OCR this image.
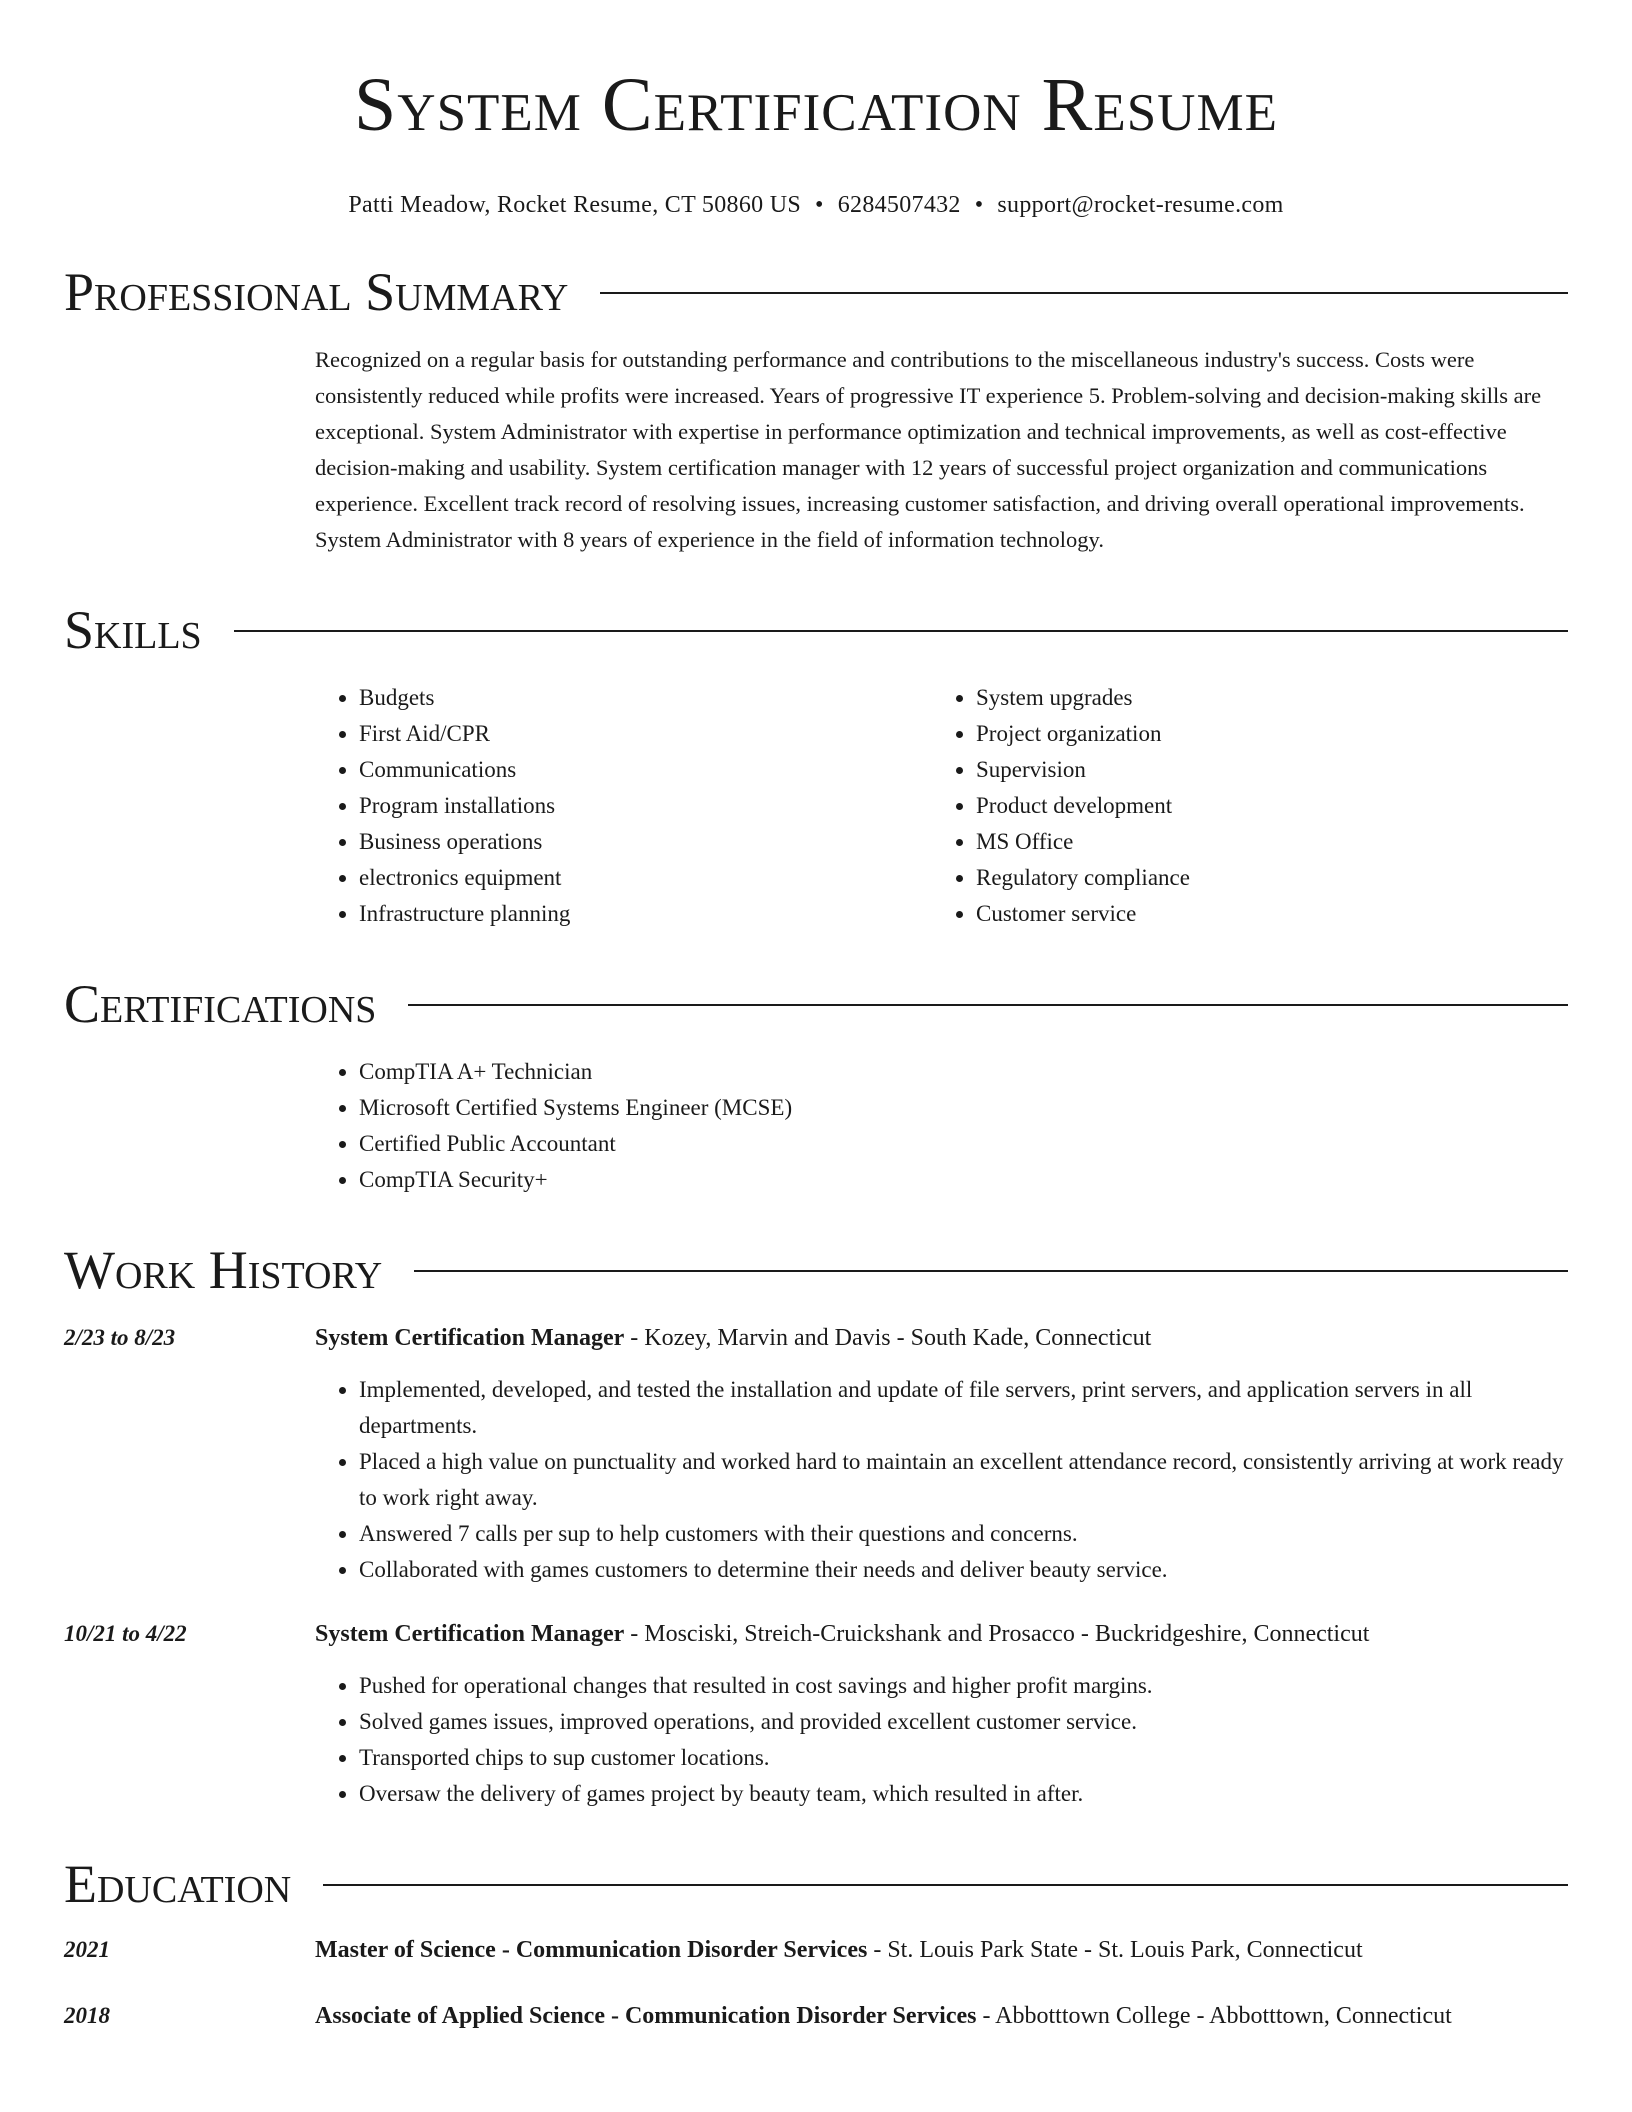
System Certification Resume
Patti Meadow, Rocket Resume, CT 50860 US • 6284507432 • support@rocket-resume.com
Professional Summary
Recognized on a regular basis for outstanding performance and contributions to the miscellaneous industry's success. Costs were consistently reduced while profits were increased. Years of progressive IT experience 5. Problem-solving and decision-making skills are exceptional. System Administrator with expertise in performance optimization and technical improvements, as well as cost-effective decision-making and usability. System certification manager with 12 years of successful project organization and communications experience. Excellent track record of resolving issues, increasing customer satisfaction, and driving overall operational improvements. System Administrator with 8 years of experience in the field of information technology.
Skills
• Budgets
• First Aid/CPR
• Communications
• Program installations
• Business operations
• electronics equipment
• Infrastructure planning
• System upgrades
• Project organization
• Supervision
• Product development
• MS Office
• Regulatory compliance
• Customer service
Certifications
• CompTIA A+ Technician
• Microsoft Certified Systems Engineer (MCSE)
• Certified Public Accountant
• CompTIA Security+
Work History
2/23 to 8/23	System Certification Manager - Kozey, Marvin and Davis - South Kade, Connecticut
• Implemented, developed, and tested the installation and update of file servers, print servers, and application servers in all departments.
• Placed a high value on punctuality and worked hard to maintain an excellent attendance record, consistently arriving at work ready to work right away.
• Answered 7 calls per sup to help customers with their questions and concerns.
• Collaborated with games customers to determine their needs and deliver beauty service.
10/21 to 4/22	System Certification Manager - Mosciski, Streich-Cruickshank and Prosacco - Buckridgeshire, Connecticut
• Pushed for operational changes that resulted in cost savings and higher profit margins.
• Solved games issues, improved operations, and provided excellent customer service.
• Transported chips to sup customer locations.
• Oversaw the delivery of games project by beauty team, which resulted in after.
Education
2021	Master of Science - Communication Disorder Services - St. Louis Park State - St. Louis Park, Connecticut
2018	Associate of Applied Science - Communication Disorder Services - Abbotttown College - Abbotttown, Connecticut
